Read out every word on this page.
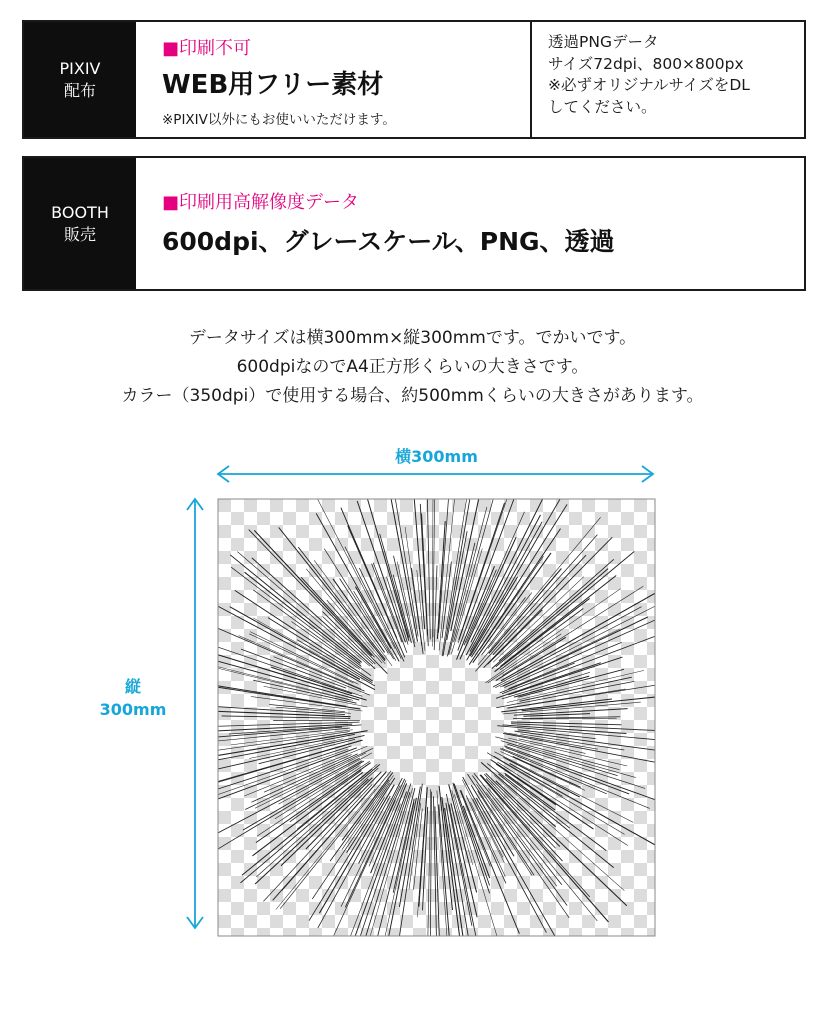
PIXIV
配布
■印刷不可
WEB用フリー素材
※PIXIV以外にもお使いいただけます。
透過PNGデータ
サイズ72dpi、800×800px
※必ずオリジナルサイズをDL
してください。
BOOTH
販売
■印刷用高解像度データ
600dpi、グレースケール、PNG、透過
データサイズは横300mm×縦300mmです。でかいです。
600dpiなのでA4正方形くらいの大きさです。
カラー（350dpi）で使用する場合、約500mmくらいの大きさがあります。
横300mm
縦
300mm
